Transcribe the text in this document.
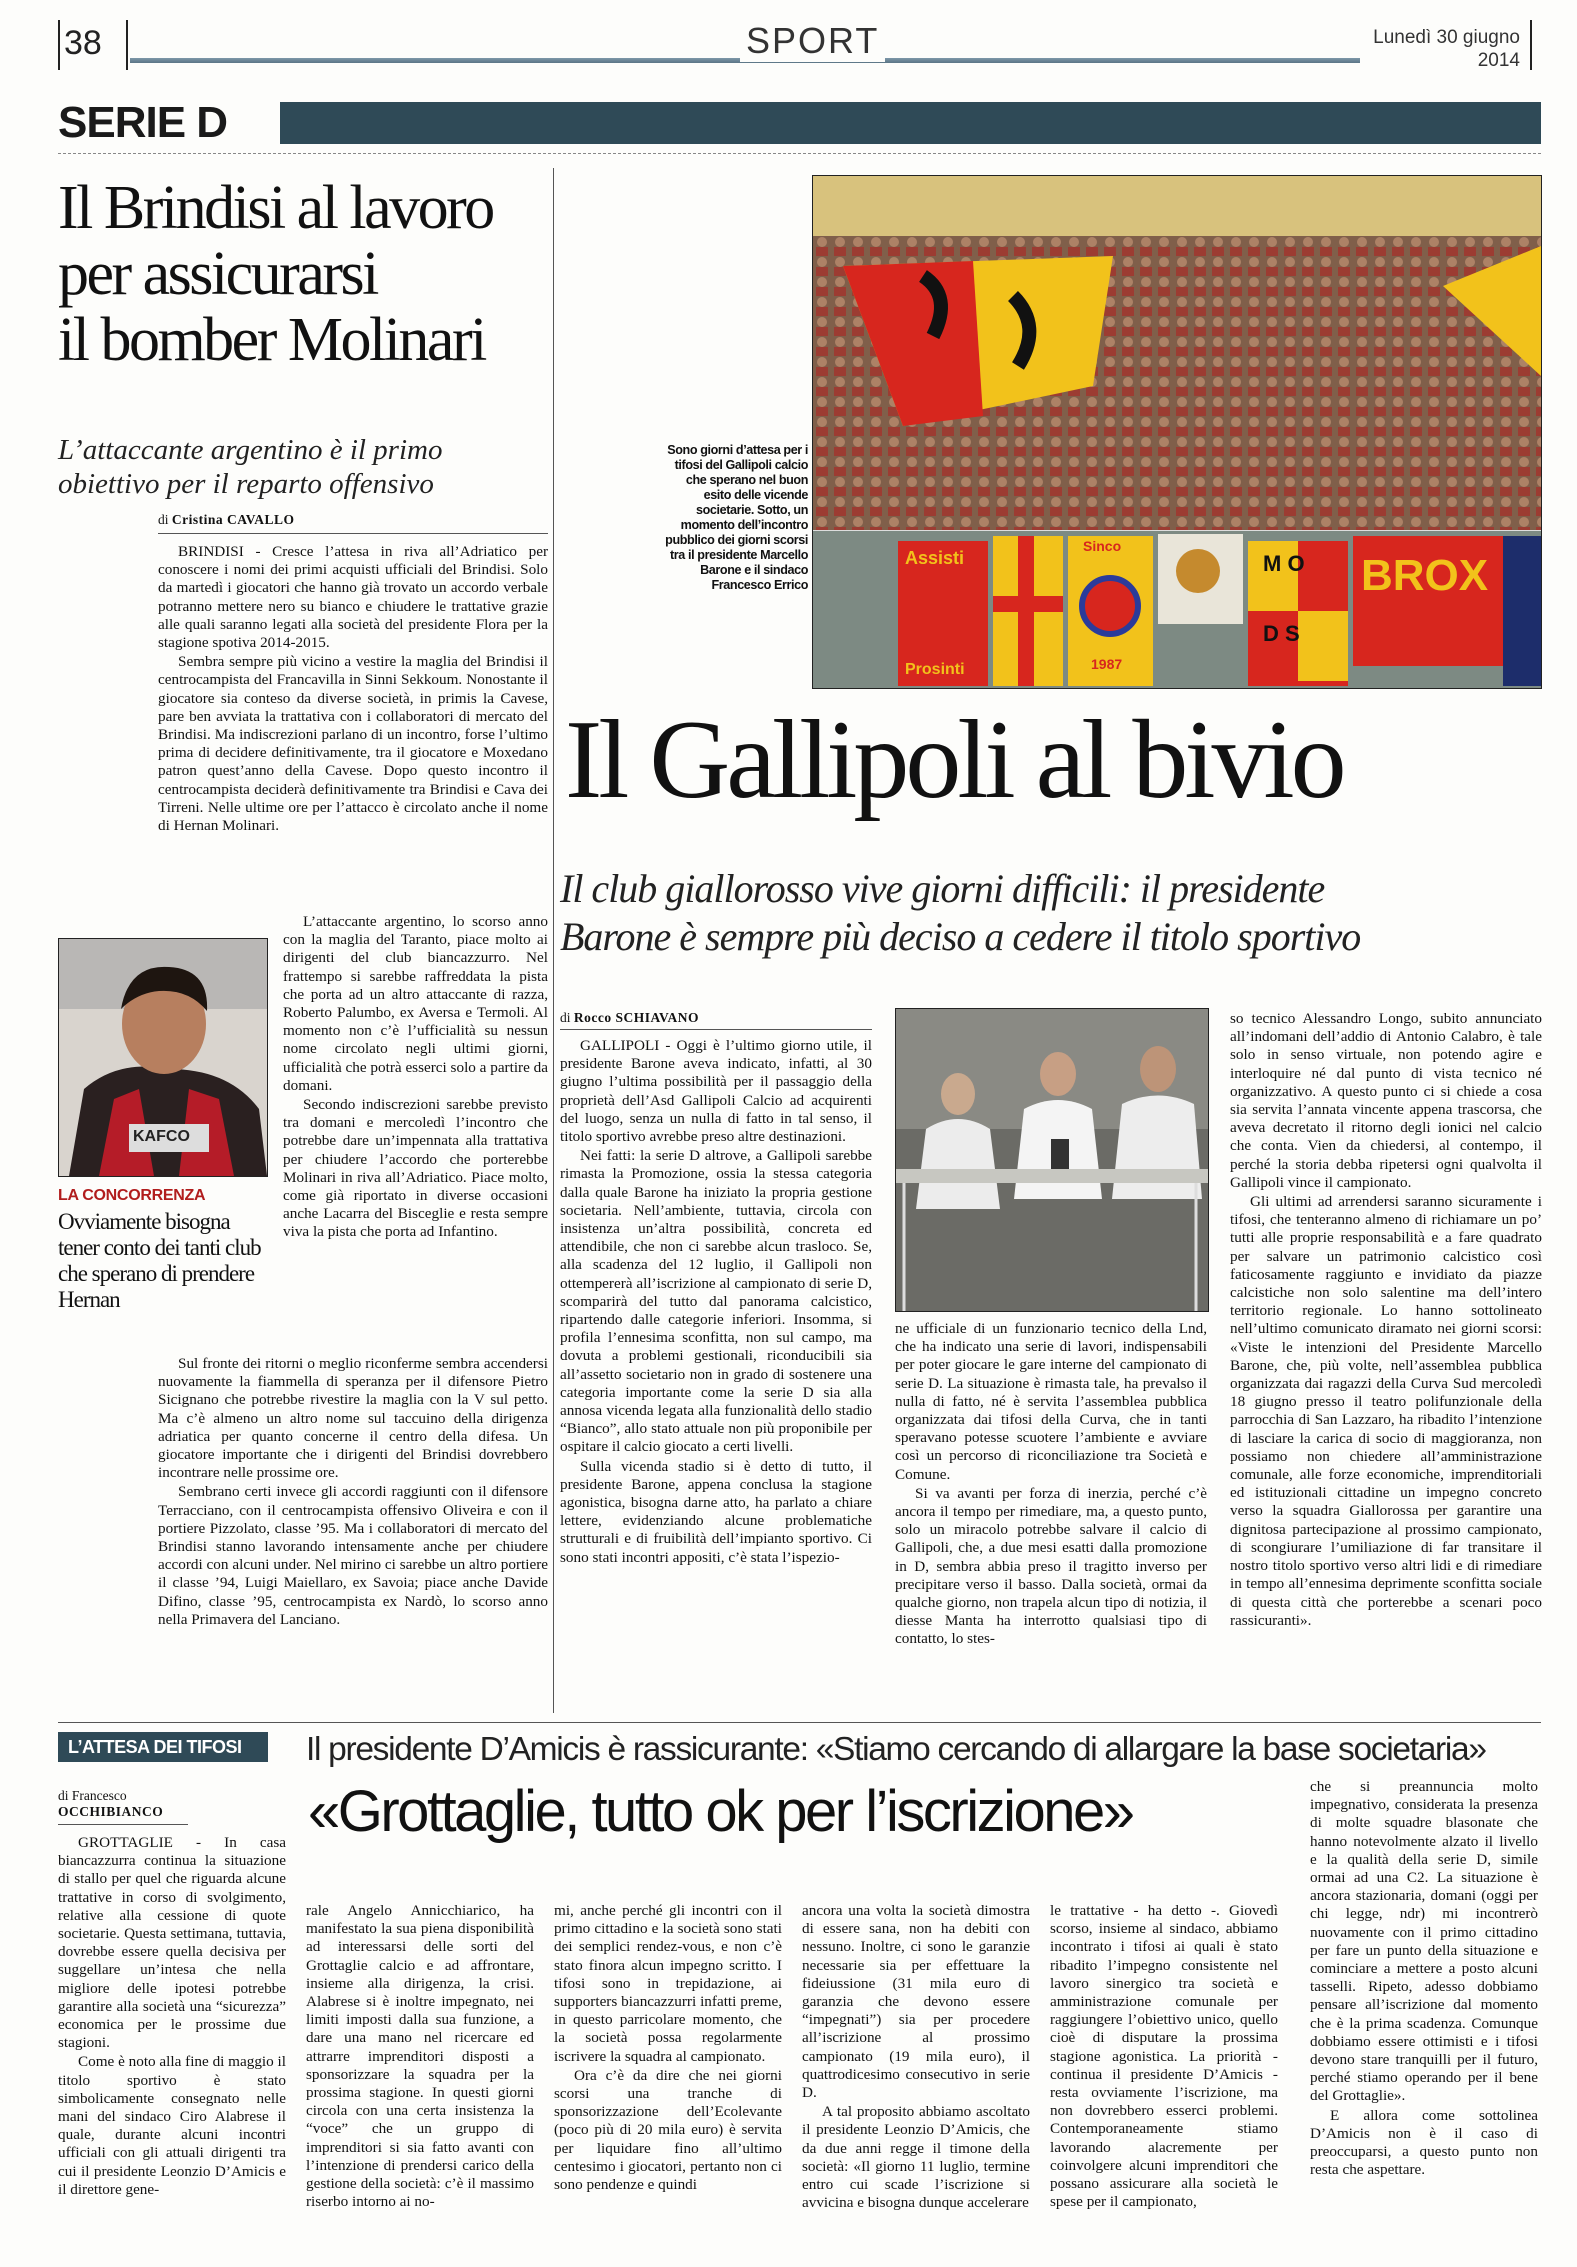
38	SPORT	Lunedì 30 giugno
2014
SERIE D
Il Brindisi al lavoro
per assicurarsi
il bomber Molinari
L’attaccante argentino è il primo
obiettivo per il reparto offensivo
di Cristina CAVALLO

BRINDISI - Cresce l’attesa in riva all’Adriatico per conoscere i nomi dei primi acquisti ufficiali del Brindisi. Solo da martedì i giocatori che hanno già trovato un accordo verbale potranno mettere nero su bianco e chiudere le trattative grazie alle quali saranno legati alla società del presidente Flora per la stagione spotiva 2014-2015.

Sembra sempre più vicino a vestire la maglia del Brindisi il centrocampista del Francavilla in Sinni Sekkoum. Nonostante il giocatore sia conteso da diverse società, in primis la Cavese, pare ben avviata la trattativa con i collaboratori di mercato del Brindisi. Ma indiscrezioni parlano di un incontro, forse l’ultimo prima di decidere definitivamente, tra il giocatore e Moxedano patron quest’anno della Cavese. Dopo questo incontro il centrocampista deciderà definitivamente tra Brindisi e Cava dei Tirreni. Nelle ultime ore per l’attacco è circolato anche il nome di Hernan Molinari.

KAFCO
LA CONCORRENZA
Ovviamente bisogna tener conto dei tanti club che sperano di prendere Hernan

L’attaccante argentino, lo scorso anno con la maglia del Taranto, piace molto ai dirigenti del club biancazzurro. Nel frattempo si sarebbe raffreddata la pista che porta ad un altro attaccante di razza, Roberto Palumbo, ex Aversa e Termoli. Al momento non c’è l’ufficialità su nessun nome circolato negli ultimi giorni, ufficialità che potrà esserci solo a partire da domani.

Secondo indiscrezioni sarebbe previsto tra domani e mercoledì l’incontro che potrebbe dare un’impennata alla trattativa per chiudere l’accordo che porterebbe Molinari in riva all’Adriatico. Piace molto, come già riportato in diverse occasioni anche Lacarra del Bisceglie e resta sempre viva la pista che porta ad Infantino.

Sul fronte dei ritorni o meglio riconferme sembra accendersi nuovamente la fiammella di speranza per il difensore Pietro Sicignano che potrebbe rivestire la maglia con la V sul petto. Ma c’è almeno un altro nome sul taccuino della dirigenza adriatica per quanto concerne il centro della difesa. Un giocatore importante che i dirigenti del Brindisi dovrebbero incontrare nelle prossime ore.

Sembrano certi invece gli accordi raggiunti con il difensore Terracciano, con il centrocampista offensivo Oliveira e con il portiere Pizzolato, classe ’95. Ma i collaboratori di mercato del Brindisi stanno lavorando intensamente anche per chiudere accordi con alcuni under. Nel mirino ci sarebbe un altro portiere il classe ’94, Luigi Maiellaro, ex Savoia; piace anche Davide Difino, classe ’95, centrocampista ex Nardò, lo scorso anno nella Primavera del Lanciano.

Sono giorni d’attesa per i tifosi del Gallipoli calcio che sperano nel buon esito delle vicende societarie. Sotto, un momento dell’incontro pubblico dei giorni scorsi tra il presidente Marcello Barone e il sindaco Francesco Errico
Assisti
Sinco
1987
M O
D S
BROX
Prosinti
Il Gallipoli al bivio
Il club giallorosso vive giorni difficili: il presidente
Barone è sempre più deciso a cedere il titolo sportivo
di Rocco SCHIAVANO

GALLIPOLI - Oggi è l’ultimo giorno utile, il presidente Barone aveva indicato, infatti, al 30 giugno l’ultima possibilità per il passaggio della proprietà dell’Asd Gallipoli Calcio ad acquirenti del luogo, senza un nulla di fatto in tal senso, il titolo sportivo avrebbe preso altre destinazioni.

Nei fatti: la serie D altrove, a Gallipoli sarebbe rimasta la Promozione, ossia la stessa categoria dalla quale Barone ha iniziato la propria gestione societaria. Nell’ambiente, tuttavia, circola con insistenza un’altra possibilità, concreta ed attendibile, che non ci sarebbe alcun trasloco. Se, alla scadenza del 12 luglio, il Gallipoli non ottempererà all’iscrizione al campionato di serie D, scomparirà del tutto dal panorama calcistico, ripartendo dalle categorie inferiori. Insomma, si profila l’ennesima sconfitta, non sul campo, ma dovuta a problemi gestionali, riconducibili sia all’assetto societario non in grado di sostenere una categoria importante come la serie D sia alla annosa vicenda legata alla funzionalità dello stadio “Bianco”, allo stato attuale non più proponibile per ospitare il calcio giocato a certi livelli.

Sulla vicenda stadio si è detto di tutto, il presidente Barone, appena conclusa la stagione agonistica, bisogna darne atto, ha parlato a chiare lettere, evidenziando alcune problematiche strutturali e di fruibilità dell’impianto sportivo. Ci sono stati incontri appositi, c’è stata l’ispezio-

ne ufficiale di un funzionario tecnico della Lnd, che ha indicato una serie di lavori, indispensabili per poter giocare le gare interne del campionato di serie D. La situazione è rimasta tale, ha prevalso il nulla di fatto, né è servita l’assemblea pubblica organizzata dai tifosi della Curva, che in tanti speravano potesse scuotere l’ambiente e avviare così un percorso di riconciliazione tra Società e Comune.

Si va avanti per forza di inerzia, perché c’è ancora il tempo per rimediare, ma, a questo punto, solo un miracolo potrebbe salvare il calcio di Gallipoli, che, a due mesi esatti dalla promozione in D, sembra abbia preso il tragitto inverso per precipitare verso il basso. Dalla società, ormai da qualche giorno, non trapela alcun tipo di notizia, il diesse Manta ha interrotto qualsiasi tipo di contatto, lo stes-

so tecnico Alessandro Longo, subito annunciato all’indomani dell’addio di Antonio Calabro, è tale solo in senso virtuale, non potendo agire e interloquire né dal punto di vista tecnico né organizzativo. A questo punto ci si chiede a cosa sia servita l’annata vincente appena trascorsa, che aveva decretato il ritorno degli ionici nel calcio che conta. Vien da chiedersi, al contempo, il perché la storia debba ripetersi ogni qualvolta il Gallipoli vince il campionato.

Gli ultimi ad arrendersi saranno sicuramente i tifosi, che tenteranno almeno di richiamare un po’ tutti alle proprie responsabilità e a fare quadrato per salvare un patrimonio calcistico così faticosamente raggiunto e invidiato da piazze calcistiche non solo salentine ma dell’intero territorio regionale. Lo hanno sottolineato nell’ultimo comunicato diramato nei giorni scorsi: «Viste le intenzioni del Presidente Marcello Barone, che, più volte, nell’assemblea pubblica organizzata dai ragazzi della Curva Sud mercoledì 18 giugno presso il teatro polifunzionale della parrocchia di San Lazzaro, ha ribadito l’intenzione di lasciare la carica di socio di maggioranza, non possiamo non chiedere all’amministrazione comunale, alle forze economiche, imprenditoriali ed istituzionali cittadine un impegno concreto verso la squadra Giallorossa per garantire una dignitosa partecipazione al prossimo campionato, di scongiurare l’umiliazione di far transitare il nostro titolo sportivo verso altri lidi e di rimediare in tempo all’ennesima deprimente sconfitta sociale di questa città che porterebbe a scenari poco rassicuranti».

L’ATTESA DEI TIFOSI	Il presidente D’Amicis è rassicurante: «Stiamo cercando di allargare la base societaria»
di Francesco
OCCHIBIANCO «Grottaglie, tutto ok per l’iscrizione»

GROTTAGLIE - In casa biancazzurra continua la situazione di stallo per quel che riguarda alcune trattative in corso di svolgimento, relative alla cessione di quote societarie. Questa settimana, tuttavia, dovrebbe essere quella decisiva per suggellare un’intesa che nella migliore delle ipotesi potrebbe garantire alla società una “sicurezza” economica per le prossime due stagioni.

Come è noto alla fine di maggio il titolo sportivo è stato simbolicamente consegnato nelle mani del sindaco Ciro Alabrese il quale, durante alcuni incontri ufficiali con gli attuali dirigenti tra cui il presidente Leonzio D’Amicis e il direttore gene-

rale Angelo Annicchiarico, ha manifestato la sua piena disponibilità ad interessarsi delle sorti del Grottaglie calcio e ad affrontare, insieme alla dirigenza, la crisi. Alabrese si è inoltre impegnato, nei limiti imposti dalla sua funzione, a dare una mano nel ricercare ed attrarre imprenditori disposti a sponsorizzare la squadra per la prossima stagione. In questi giorni circola con una certa insistenza la “voce” che un gruppo di imprenditori si sia fatto avanti con l’intenzione di prendersi carico della gestione della società: c’è il massimo riserbo intorno ai no-

mi, anche perché gli incontri con il primo cittadino e la società sono stati dei semplici rendez-vous, e non c’è stato finora alcun impegno scritto. I tifosi sono in trepidazione, ai supporters biancazzurri infatti preme, in questo parricolare momento, che la società possa regolarmente iscrivere la squadra al campionato.

Ora c’è da dire che nei giorni scorsi una tranche di sponsorizzazione dell’Ecolevante (poco più di 20 mila euro) è servita per liquidare fino all’ultimo centesimo i giocatori, pertanto non ci sono pendenze e quindi

ancora una volta la società dimostra di essere sana, non ha debiti con nessuno. Inoltre, ci sono le garanzie necessarie sia per effettuare la fideiussione (31 mila euro di garanzia che devono essere “impegnati”) sia per procedere all’iscrizione al prossimo campionato (19 mila euro), il quattrodicesimo consecutivo in serie D.

A tal proposito abbiamo ascoltato il presidente Leonzio D’Amicis, che da due anni regge il timone della società: «Il giorno 11 luglio, termine entro cui scade l’iscrizione si avvicina e bisogna dunque accelerare

le trattative - ha detto -. Giovedì scorso, insieme al sindaco, abbiamo incontrato i tifosi ai quali è stato ribadito l’impegno consistente nel lavoro sinergico tra società e amministrazione comunale per raggiungere l’obiettivo unico, quello cioè di disputare la prossima stagione agonistica. La priorità - continua il presidente D’Amicis - resta ovviamente l’iscrizione, ma non dovrebbero esserci problemi. Contemporaneamente stiamo lavorando alacremente per coinvolgere alcuni imprenditori che possano assicurare alla società le spese per il campionato,

che si preannuncia molto impegnativo, considerata la presenza di molte squadre blasonate che hanno notevolmente alzato il livello e la qualità della serie D, simile ormai ad una C2. La situazione è ancora stazionaria, domani (oggi per chi legge, ndr) mi incontrerò nuovamente con il primo cittadino per fare un punto della situazione e cominciare a mettere a posto alcuni tasselli. Ripeto, adesso dobbiamo pensare all’iscrizione dal momento che è la prima scadenza. Comunque dobbiamo essere ottimisti e i tifosi devono stare tranquilli per il futuro, perché stiamo operando per il bene del Grottaglie».

E allora come sottolinea D’Amicis non è il caso di preoccuparsi, a questo punto non resta che aspettare.
